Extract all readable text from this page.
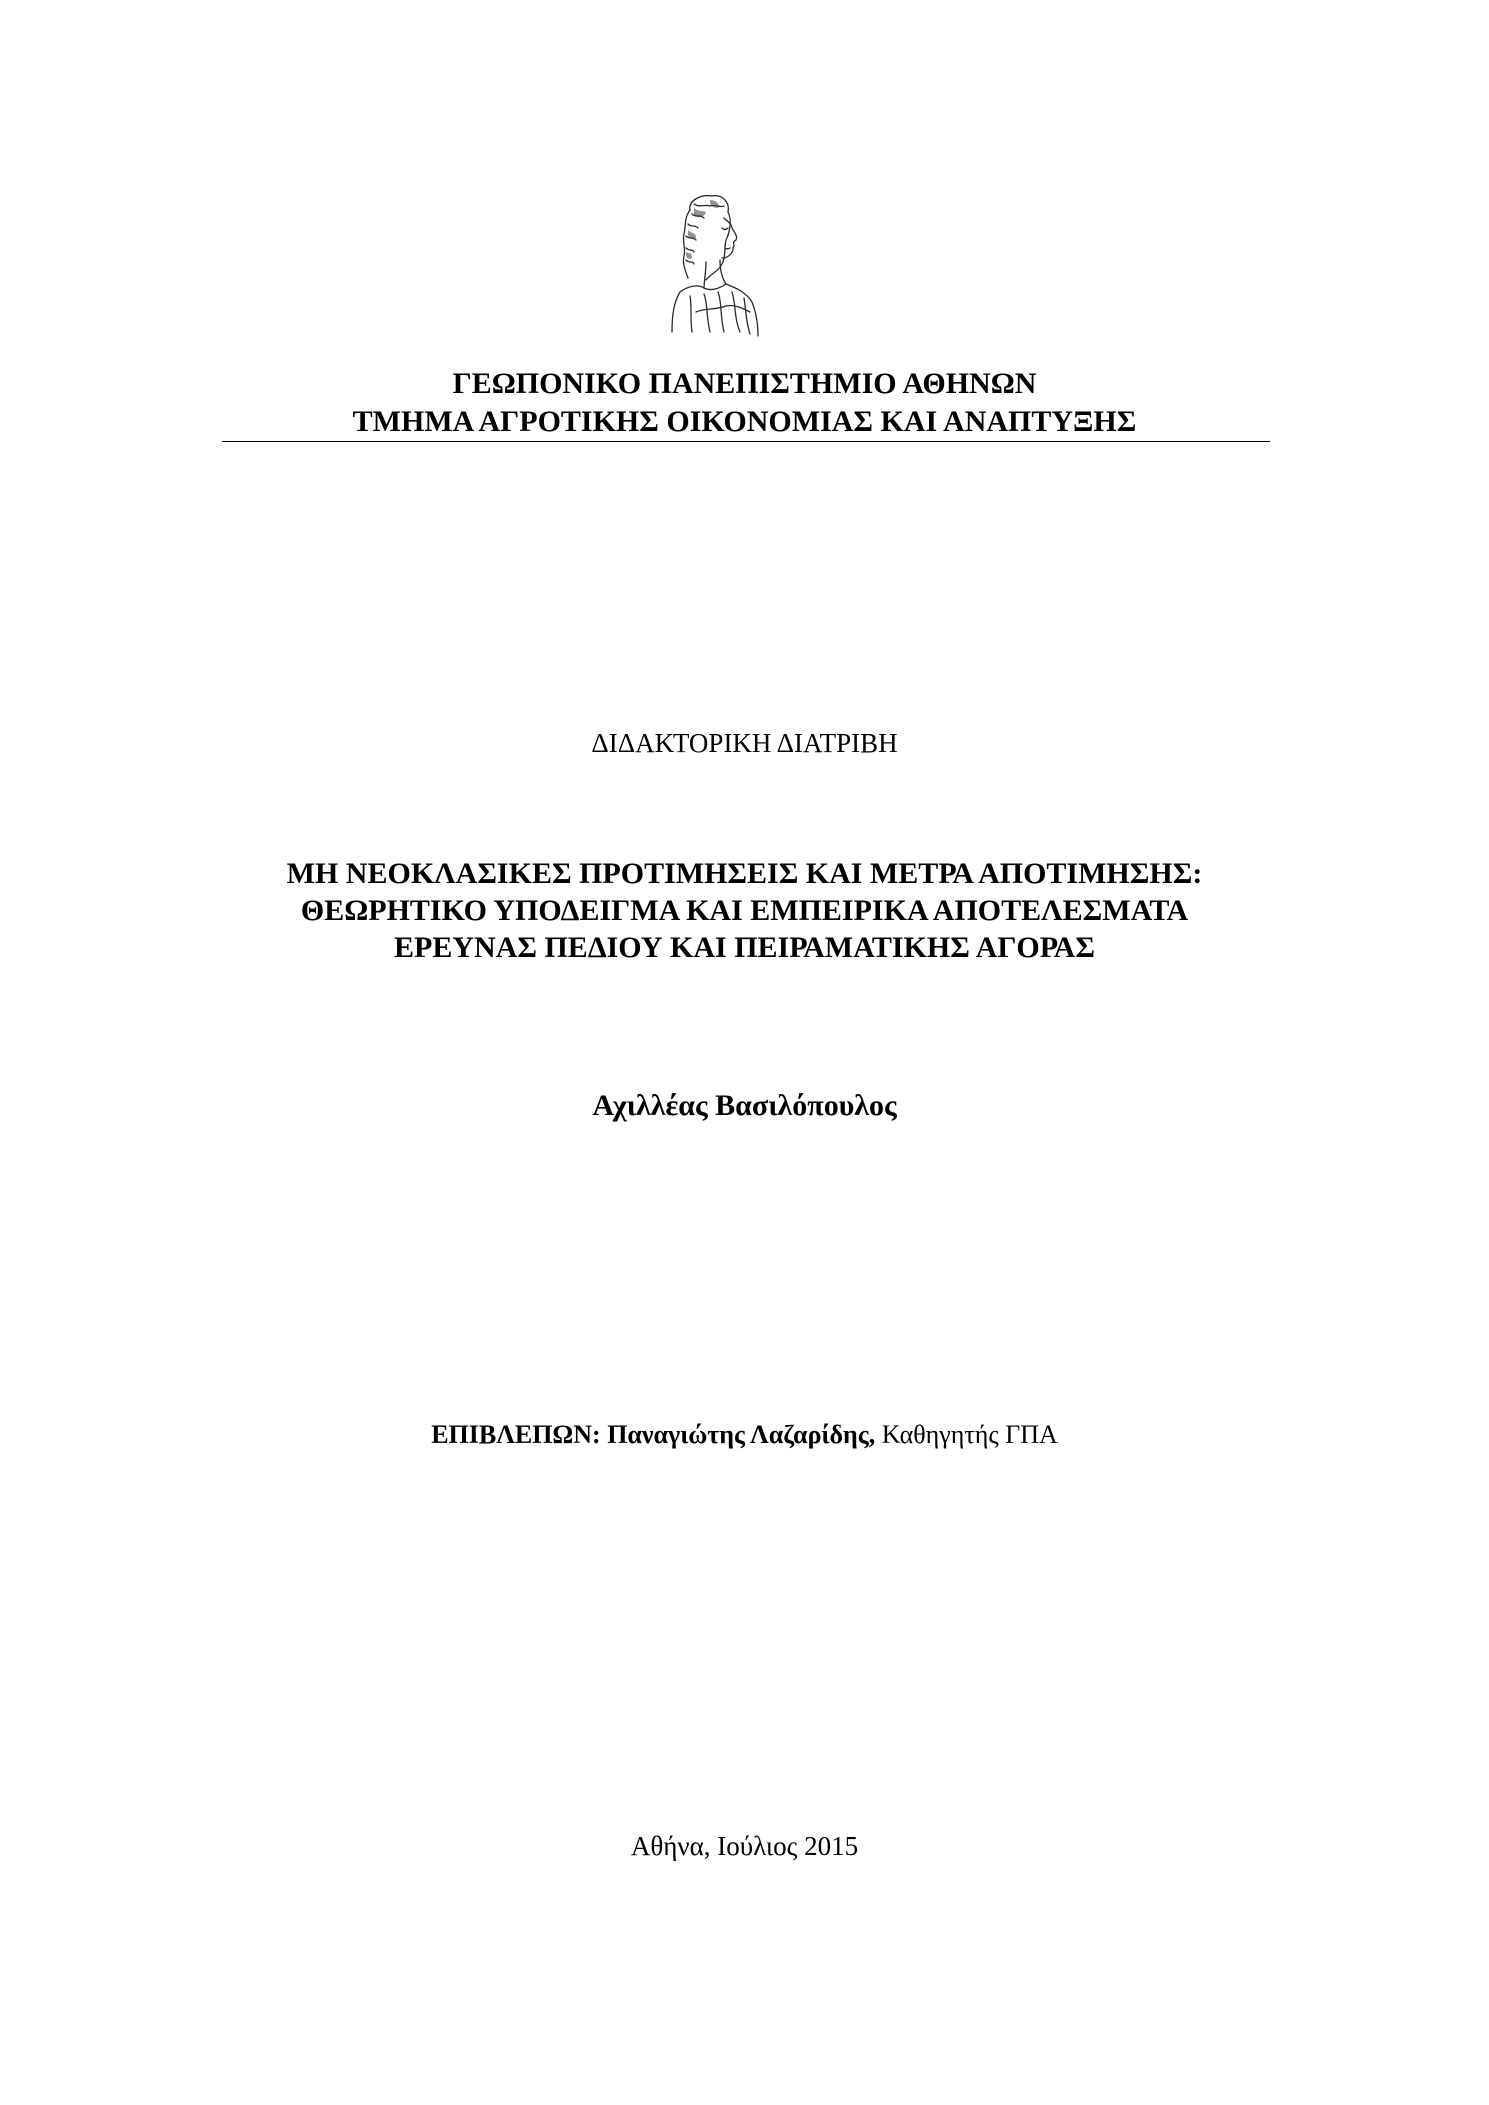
ΓΕΩΠΟΝΙΚΟ ΠΑΝΕΠΙΣΤΗΜΙΟ ΑΘΗΝΩΝ
ΤΜΗΜΑ ΑΓΡΟΤΙΚΗΣ ΟΙΚΟΝΟΜΙΑΣ ΚΑΙ ΑΝΑΠΤΥΞΗΣ
ΔΙΔΑΚΤΟΡΙΚΗ ΔΙΑΤΡΙΒΗ
ΜΗ ΝΕΟΚΛΑΣΙΚΕΣ ΠΡΟΤΙΜΗΣΕΙΣ ΚΑΙ ΜΕΤΡΑ ΑΠΟΤΙΜΗΣΗΣ:
ΘΕΩΡΗΤΙΚΟ ΥΠΟΔΕΙΓΜΑ ΚΑΙ ΕΜΠΕΙΡΙΚΑ ΑΠΟΤΕΛΕΣΜΑΤΑ
ΕΡΕΥΝΑΣ ΠΕΔΙΟΥ ΚΑΙ ΠΕΙΡΑΜΑΤΙΚΗΣ ΑΓΟΡΑΣ
Αχιλλέας Βασιλόπουλος
ΕΠΙΒΛΕΠΩΝ: Παναγιώτης Λαζαρίδης, Καθηγητής ΓΠΑ
Αθήνα, Ιούλιος 2015
